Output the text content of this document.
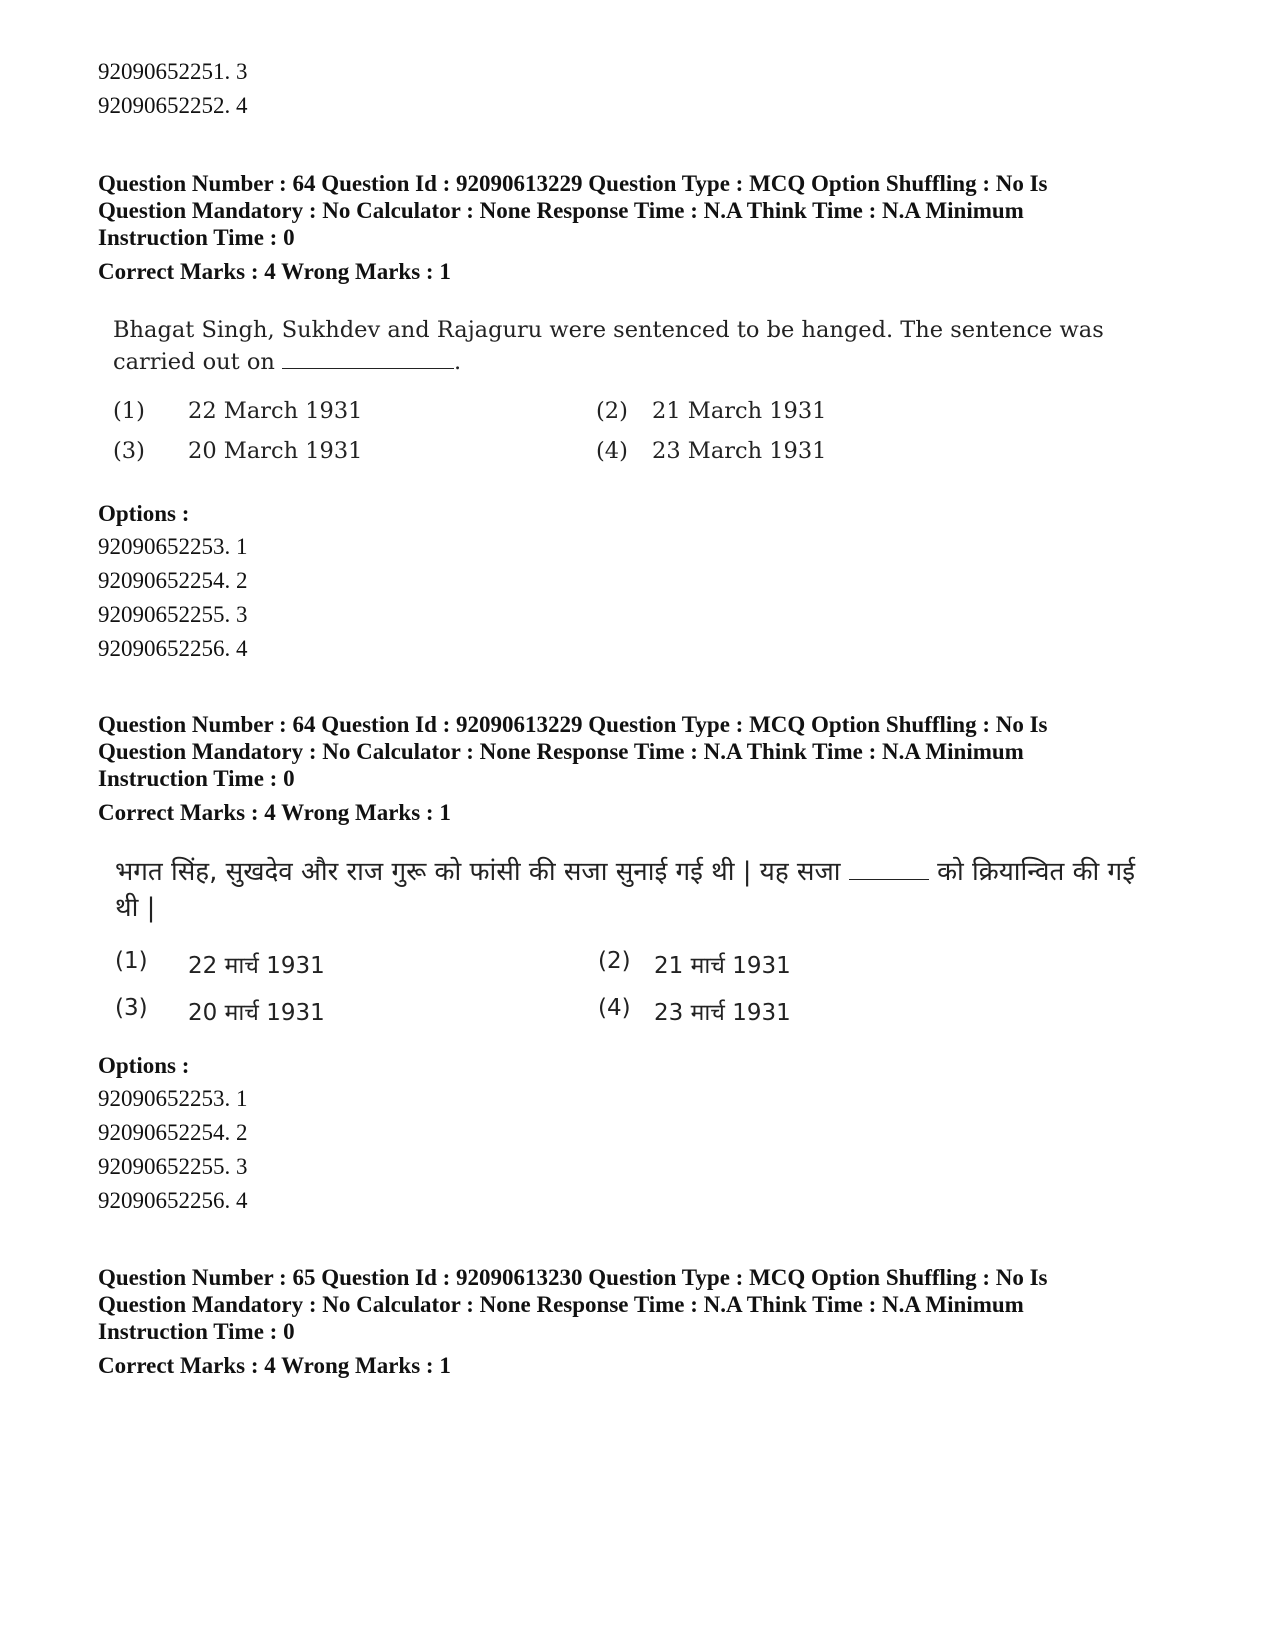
92090652251. 3
92090652252. 4
Question Number : 64 Question Id : 92090613229 Question Type : MCQ Option Shuffling : No Is
Question Mandatory : No Calculator : None Response Time : N.A Think Time : N.A Minimum
Instruction Time : 0
Correct Marks : 4 Wrong Marks : 1
Bhagat Singh, Sukhdev and Rajaguru were sentenced to be hanged. The sentence was
carried out on	.
(1) 22 March 1931	(2) 21 March 1931
(3) 20 March 1931	(4) 23 March 1931
Options :
92090652253. 1
92090652254. 2
92090652255. 3
92090652256. 4
Question Number : 64 Question Id : 92090613229 Question Type : MCQ Option Shuffling : No Is
Question Mandatory : No Calculator : None Response Time : N.A Think Time : N.A Minimum
Instruction Time : 0
Correct Marks : 4 Wrong Marks : 1
भगत सिंह, सुखदेव और राज गुरू को फांसी की सजा सुनाई गई थी | यह सजा	को क्रियान्वित की गई
थी |
(1) 22 मार्च 1931	(2) 21 मार्च 1931
(3) 20 मार्च 1931	(4) 23 मार्च 1931
Options :
92090652253. 1
92090652254. 2
92090652255. 3
92090652256. 4
Question Number : 65 Question Id : 92090613230 Question Type : MCQ Option Shuffling : No Is
Question Mandatory : No Calculator : None Response Time : N.A Think Time : N.A Minimum
Instruction Time : 0
Correct Marks : 4 Wrong Marks : 1
